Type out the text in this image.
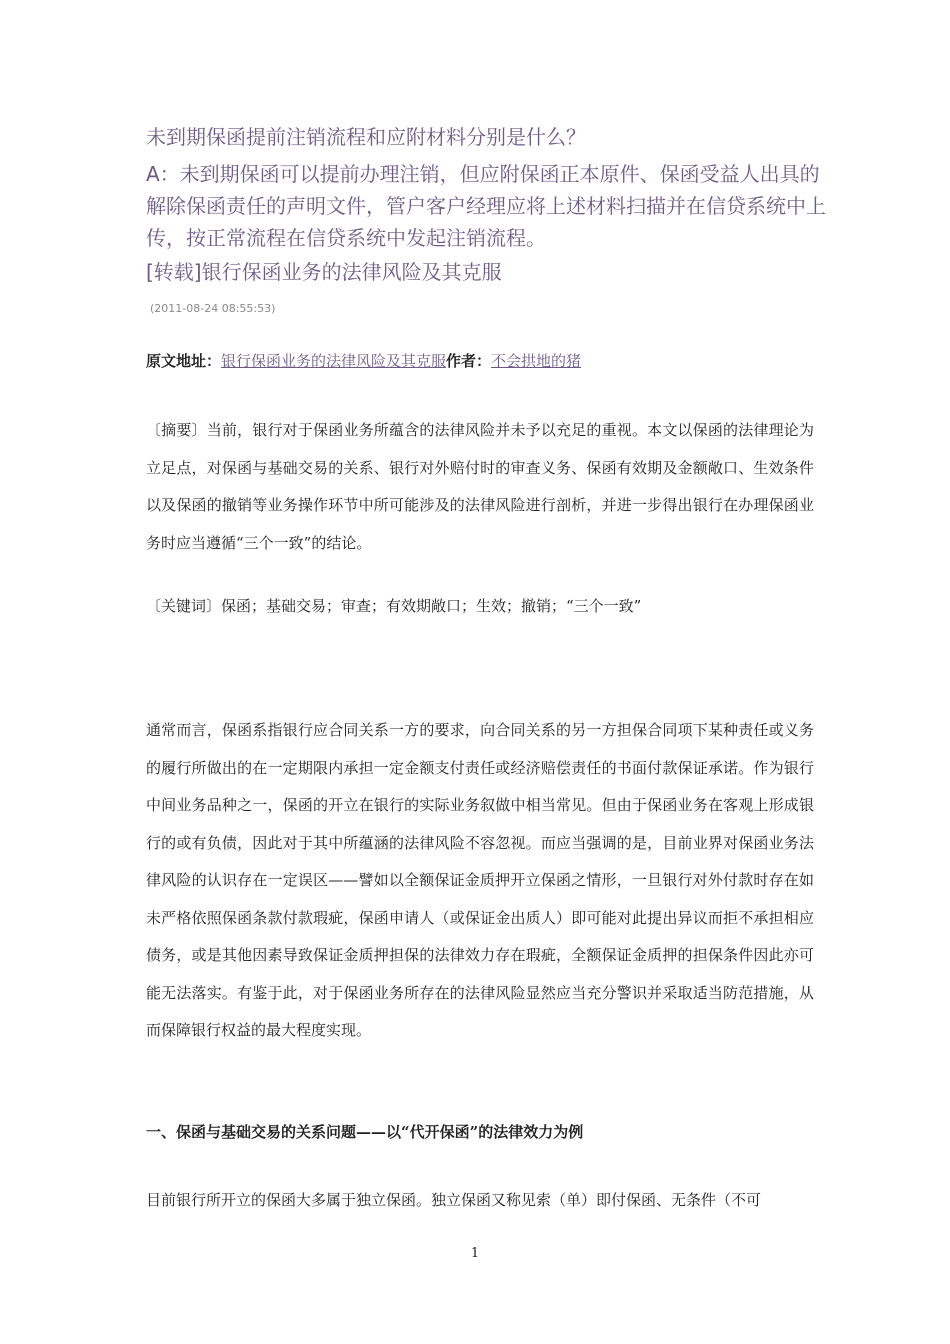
未到期保函提前注销流程和应附材料分别是什么？
A：未到期保函可以提前办理注销，但应附保函正本原件、保函受益人出具的解除保函责任的声明文件，管户客户经理应将上述材料扫描并在信贷系统中上传，按正常流程在信贷系统中发起注销流程。
[转载]银行保函业务的法律风险及其克服
(2011-08-24 08:55:53)
原文地址：银行保函业务的法律风险及其克服作者：不会拱地的猪
〔摘要〕当前，银行对于保函业务所蕴含的法律风险并未予以充足的重视。本文以保函的法律理论为立足点，对保函与基础交易的关系、银行对外赔付时的审查义务、保函有效期及金额敞口、生效条件以及保函的撤销等业务操作环节中所可能涉及的法律风险进行剖析，并进一步得出银行在办理保函业务时应当遵循“三个一致”的结论。
〔关键词〕保函；基础交易；审查；有效期敞口；生效；撤销；“三个一致”
通常而言，保函系指银行应合同关系一方的要求，向合同关系的另一方担保合同项下某种责任或义务的履行所做出的在一定期限内承担一定金额支付责任或经济赔偿责任的书面付款保证承诺。作为银行中间业务品种之一，保函的开立在银行的实际业务叙做中相当常见。但由于保函业务在客观上形成银行的或有负债，因此对于其中所蕴涵的法律风险不容忽视。而应当强调的是，目前业界对保函业务法律风险的认识存在一定误区——譬如以全额保证金质押开立保函之情形，一旦银行对外付款时存在如未严格依照保函条款付款瑕疵，保函申请人（或保证金出质人）即可能对此提出异议而拒不承担相应债务，或是其他因素导致保证金质押担保的法律效力存在瑕疵，全额保证金质押的担保条件因此亦可能无法落实。有鉴于此，对于保函业务所存在的法律风险显然应当充分警识并采取适当防范措施，从而保障银行权益的最大程度实现。
一、保函与基础交易的关系问题——以“代开保函”的法律效力为例
目前银行所开立的保函大多属于独立保函。独立保函又称见索（单）即付保函、无条件（不可
1
